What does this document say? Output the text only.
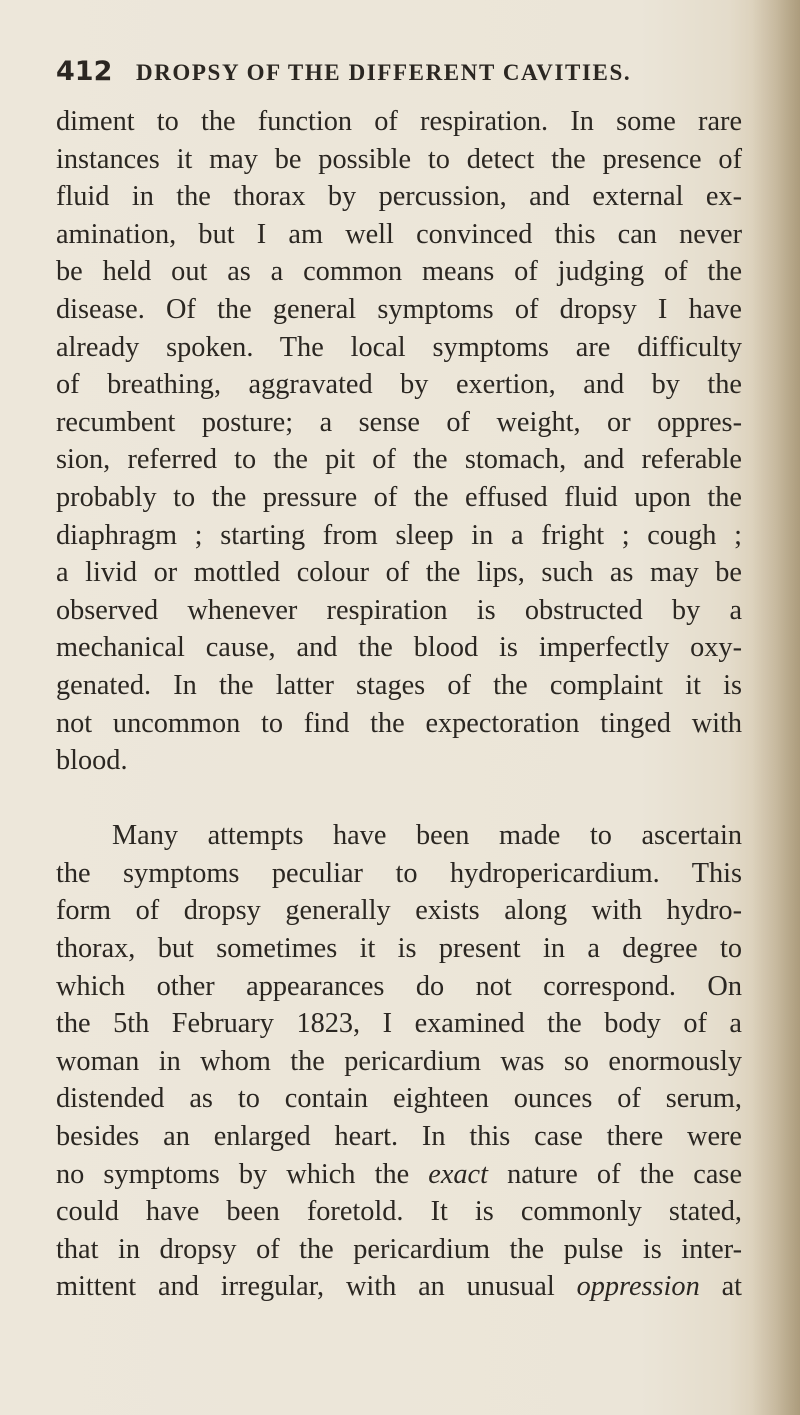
412 DROPSY OF THE DIFFERENT CAVITIES.
diment to the function of respiration. In some rare
instances it may be possible to detect the presence of
fluid in the thorax by percussion, and external ex-
amination, but I am well convinced this can never
be held out as a common means of judging of the
disease. Of the general symptoms of dropsy I have
already spoken. The local symptoms are difficulty
of breathing, aggravated by exertion, and by the
recumbent posture; a sense of weight, or oppres-
sion, referred to the pit of the stomach, and referable
probably to the pressure of the effused fluid upon the
diaphragm ; starting from sleep in a fright ; cough ;
a livid or mottled colour of the lips, such as may be
observed whenever respiration is obstructed by a
mechanical cause, and the blood is imperfectly oxy-
genated. In the latter stages of the complaint it is
not uncommon to find the expectoration tinged with
blood.
Many attempts have been made to ascertain
the symptoms peculiar to hydropericardium. This
form of dropsy generally exists along with hydro-
thorax, but sometimes it is present in a degree to
which other appearances do not correspond. On
the 5th February 1823, I examined the body of a
woman in whom the pericardium was so enormously
distended as to contain eighteen ounces of serum,
besides an enlarged heart. In this case there were
no symptoms by which the exact nature of the case
could have been foretold. It is commonly stated,
that in dropsy of the pericardium the pulse is inter-
mittent and irregular, with an unusual oppression at
